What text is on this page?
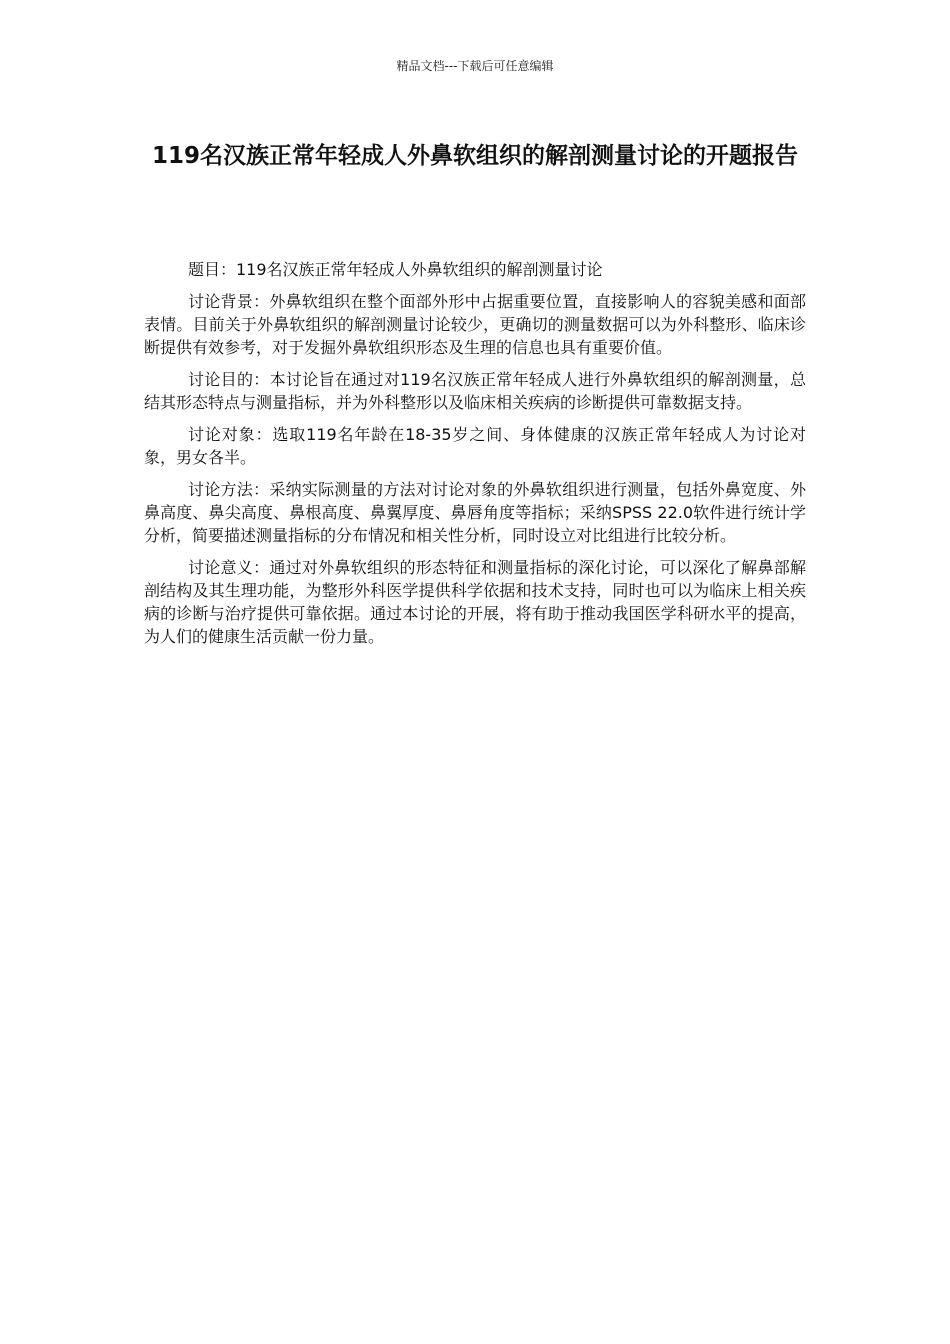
精品文档---下载后可任意编辑
119名汉族正常年轻成人外鼻软组织的解剖测量讨论的开题报告

题目：119名汉族正常年轻成人外鼻软组织的解剖测量讨论

讨论背景：外鼻软组织在整个面部外形中占据重要位置，直接影响人的容貌美感和面部表情。目前关于外鼻软组织的解剖测量讨论较少，更确切的测量数据可以为外科整形、临床诊断提供有效参考，对于发掘外鼻软组织形态及生理的信息也具有重要价值。

讨论目的：本讨论旨在通过对119名汉族正常年轻成人进行外鼻软组织的解剖测量，总结其形态特点与测量指标，并为外科整形以及临床相关疾病的诊断提供可靠数据支持。

讨论对象：选取119名年龄在18-35岁之间、身体健康的汉族正常年轻成人为讨论对象，男女各半。

讨论方法：采纳实际测量的方法对讨论对象的外鼻软组织进行测量，包括外鼻宽度、外鼻高度、鼻尖高度、鼻根高度、鼻翼厚度、鼻唇角度等指标；采纳SPSS 22.0软件进行统计学分析，简要描述测量指标的分布情况和相关性分析，同时设立对比组进行比较分析。

讨论意义：通过对外鼻软组织的形态特征和测量指标的深化讨论，可以深化了解鼻部解剖结构及其生理功能，为整形外科医学提供科学依据和技术支持，同时也可以为临床上相关疾病的诊断与治疗提供可靠依据。通过本讨论的开展，将有助于推动我国医学科研水平的提高，为人们的健康生活贡献一份力量。
